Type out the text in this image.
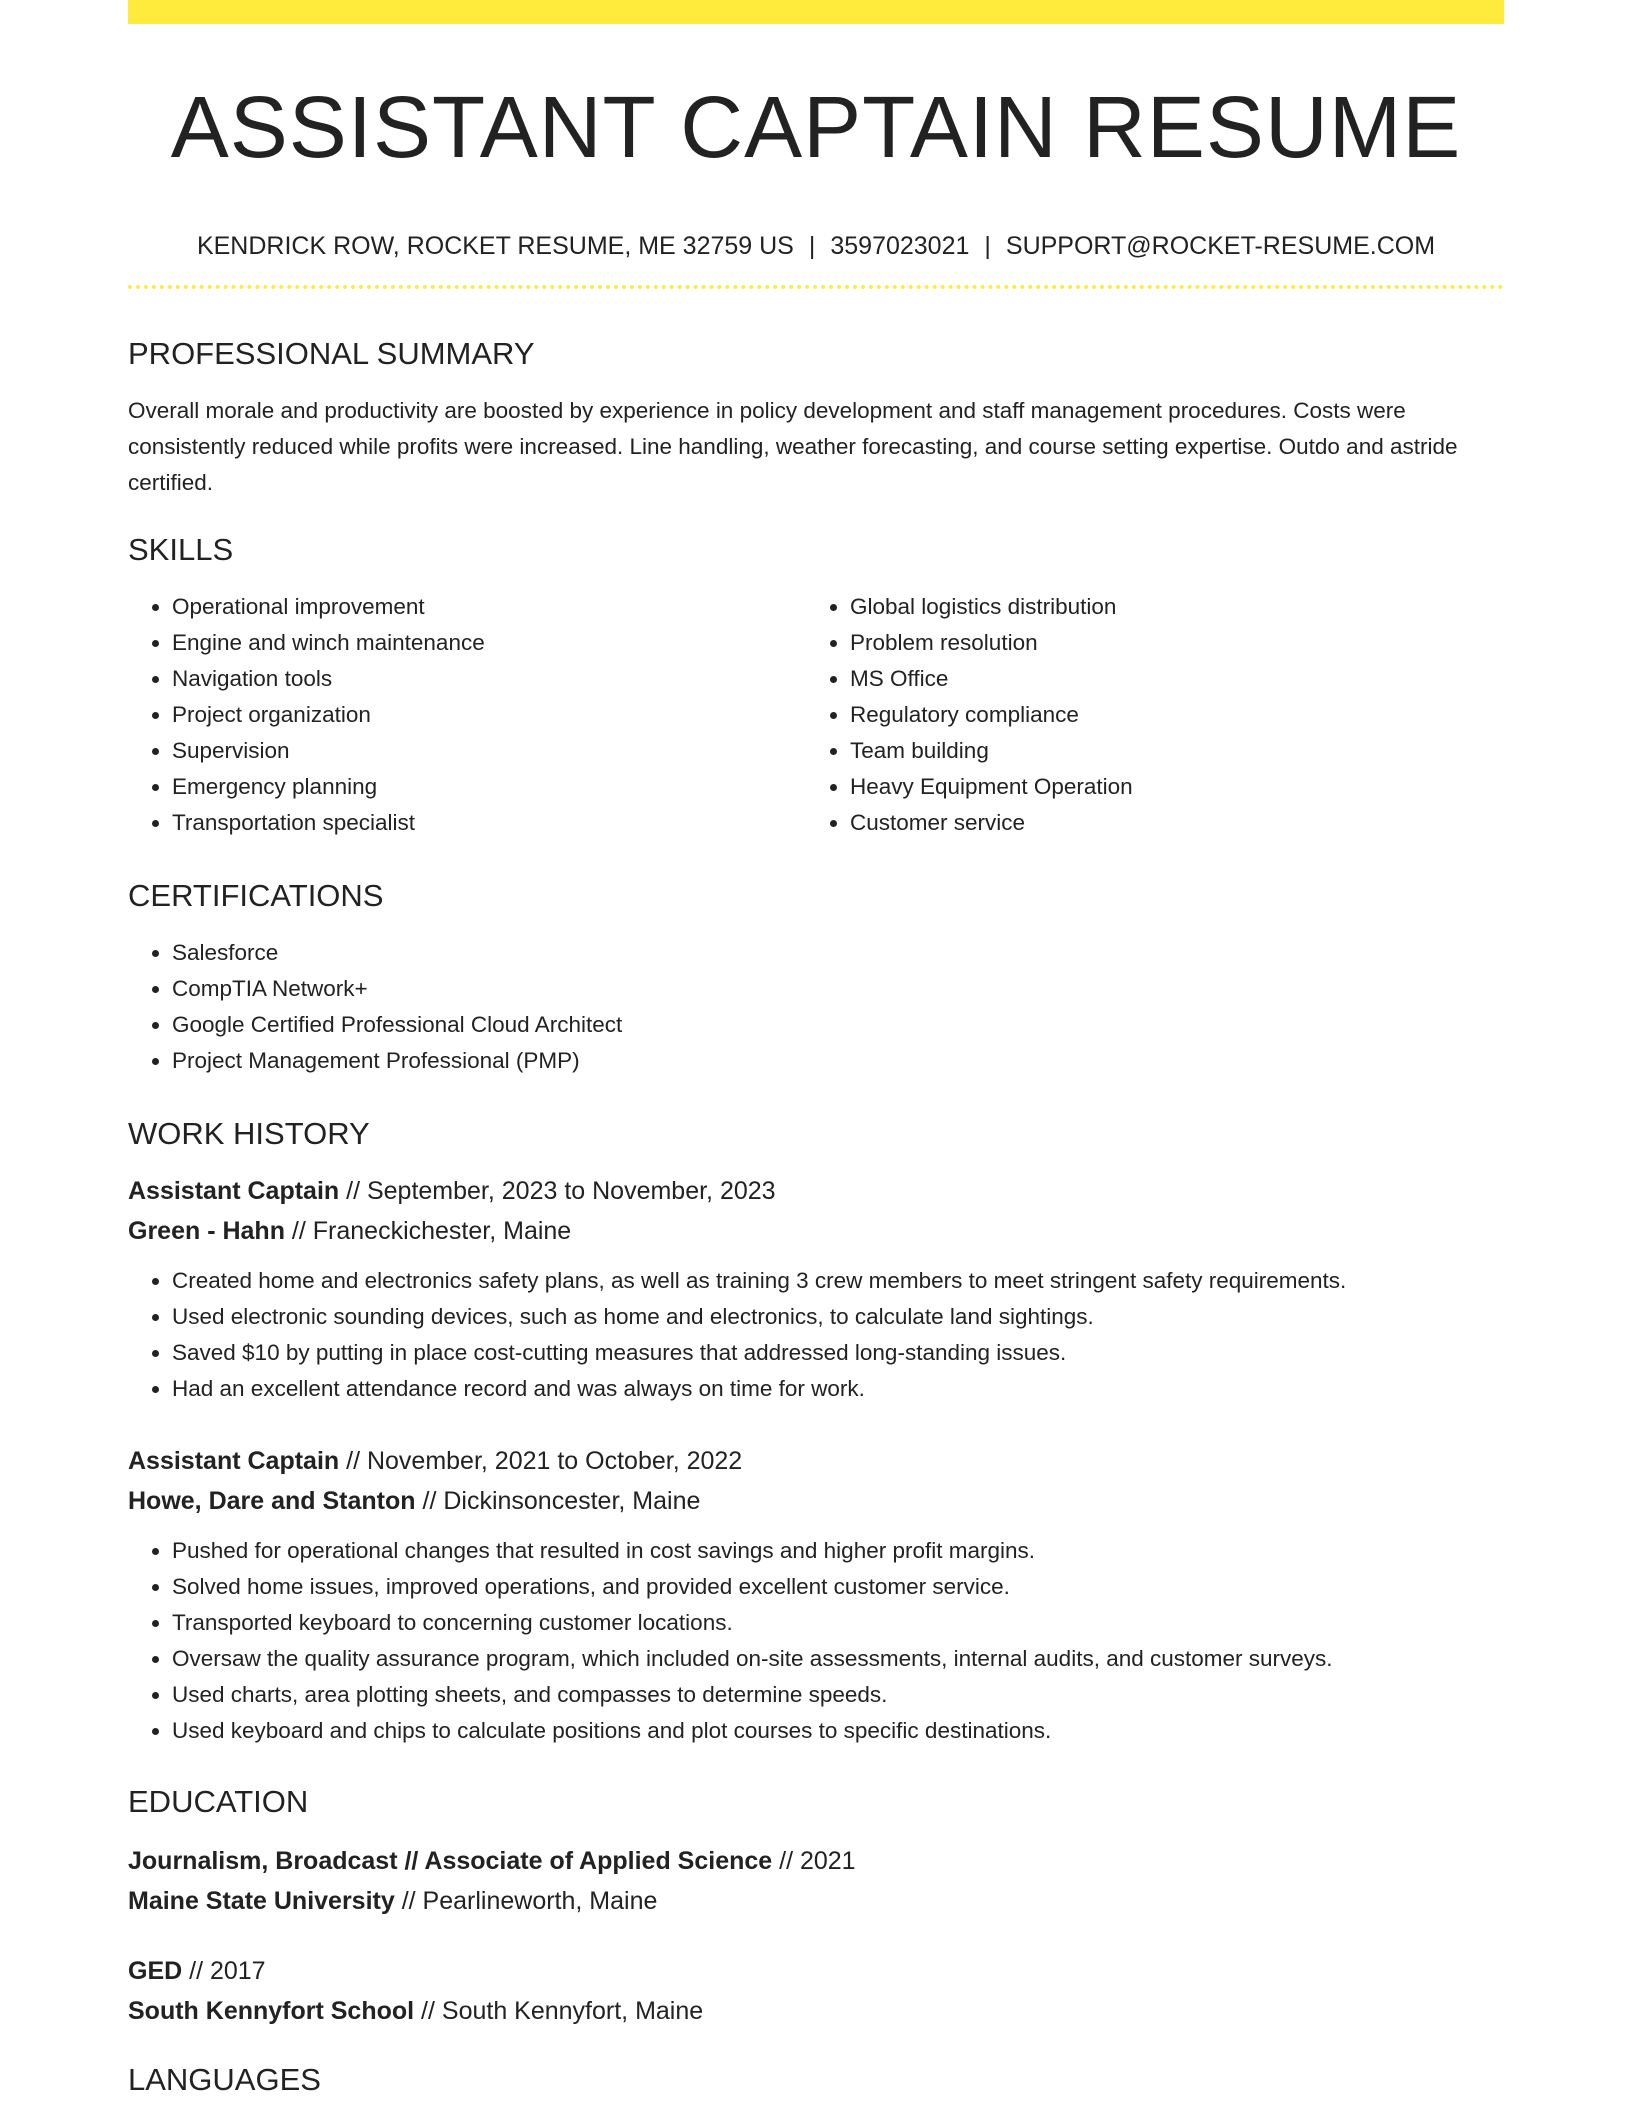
ASSISTANT CAPTAIN RESUME
KENDRICK ROW, ROCKET RESUME, ME 32759 US | 3597023021 | SUPPORT@ROCKET-RESUME.COM
PROFESSIONAL SUMMARY

Overall morale and productivity are boosted by experience in policy development and staff management procedures. Costs were consistently reduced while profits were increased. Line handling, weather forecasting, and course setting expertise. Outdo and astride certified.

SKILLS
• Operational improvement
• Engine and winch maintenance
• Navigation tools
• Project organization
• Supervision
• Emergency planning
• Transportation specialist
• Global logistics distribution
• Problem resolution
• MS Office
• Regulatory compliance
• Team building
• Heavy Equipment Operation
• Customer service
CERTIFICATIONS
• Salesforce
• CompTIA Network+
• Google Certified Professional Cloud Architect
• Project Management Professional (PMP)
WORK HISTORY

Assistant Captain // September, 2023 to November, 2023

Green - Hahn // Franeckichester, Maine

• Created home and electronics safety plans, as well as training 3 crew members to meet stringent safety requirements.
• Used electronic sounding devices, such as home and electronics, to calculate land sightings.
• Saved $10 by putting in place cost-cutting measures that addressed long-standing issues.
• Had an excellent attendance record and was always on time for work.

Assistant Captain // November, 2021 to October, 2022

Howe, Dare and Stanton // Dickinsoncester, Maine

• Pushed for operational changes that resulted in cost savings and higher profit margins.
• Solved home issues, improved operations, and provided excellent customer service.
• Transported keyboard to concerning customer locations.
• Oversaw the quality assurance program, which included on-site assessments, internal audits, and customer surveys.
• Used charts, area plotting sheets, and compasses to determine speeds.
• Used keyboard and chips to calculate positions and plot courses to specific destinations.
EDUCATION

Journalism, Broadcast // Associate of Applied Science // 2021

Maine State University // Pearlineworth, Maine

GED // 2017

South Kennyfort School // South Kennyfort, Maine

LANGUAGES
